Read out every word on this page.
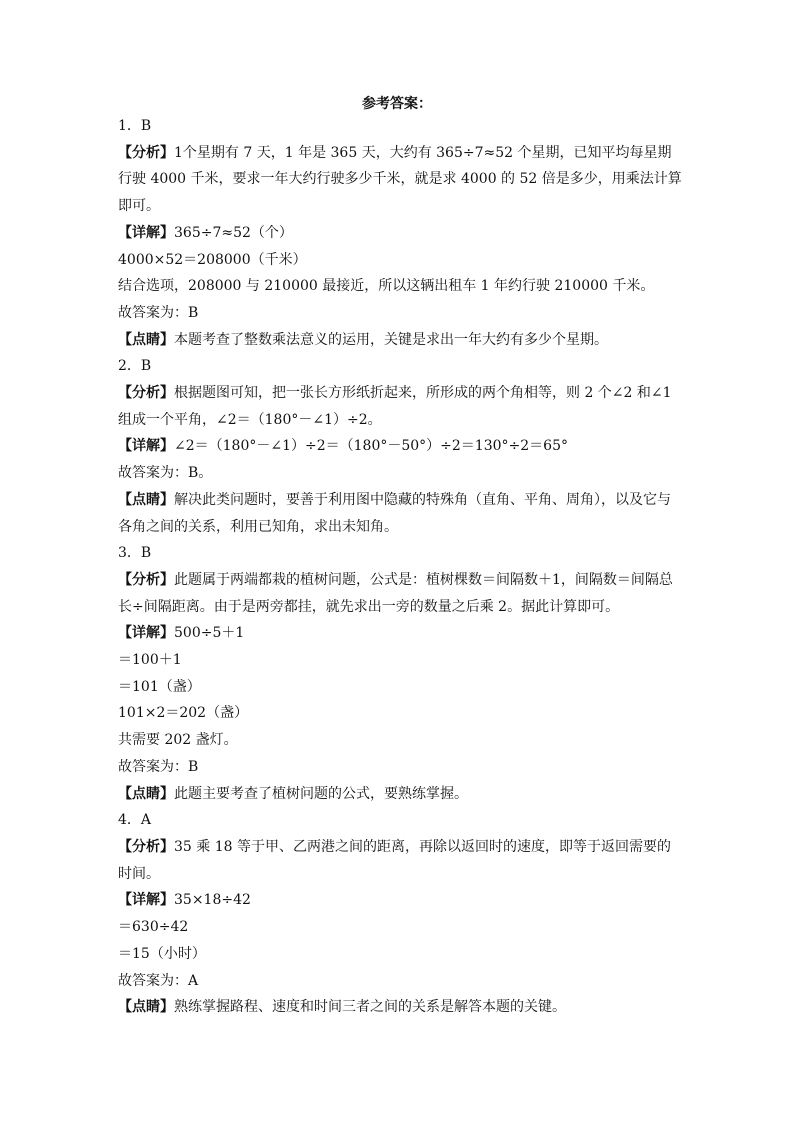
参考答案：
1．B
【分析】1个星期有 7 天，1 年是 365 天，大约有 365÷7≈52 个星期，已知平均每星期行驶 4000 千米，要求一年大约行驶多少千米，就是求 4000 的 52 倍是多少，用乘法计算即可。
【详解】365÷7≈52（个）
4000×52＝208000（千米）
结合选项，208000 与 210000 最接近，所以这辆出租车 1 年约行驶 210000 千米。
故答案为：B
【点睛】本题考查了整数乘法意义的运用，关键是求出一年大约有多少个星期。
2．B
【分析】根据题图可知，把一张长方形纸折起来，所形成的两个角相等，则 2 个∠2 和∠1 组成一个平角，∠2＝（180°－∠1）÷2。
【详解】∠2＝（180°－∠1）÷2＝（180°－50°）÷2＝130°÷2＝65°
故答案为：B。
【点睛】解决此类问题时，要善于利用图中隐藏的特殊角（直角、平角、周角），以及它与各角之间的关系，利用已知角，求出未知角。
3．B
【分析】此题属于两端都栽的植树问题，公式是：植树棵数＝间隔数＋1，间隔数＝间隔总长÷间隔距离。由于是两旁都挂，就先求出一旁的数量之后乘 2。据此计算即可。
【详解】500÷5＋1
＝100＋1
＝101（盏）
101×2＝202（盏）
共需要 202 盏灯。
故答案为：B
【点睛】此题主要考查了植树问题的公式，要熟练掌握。
4．A
【分析】35 乘 18 等于甲、乙两港之间的距离，再除以返回时的速度，即等于返回需要的时间。
【详解】35×18÷42
＝630÷42
＝15（小时）
故答案为：A
【点睛】熟练掌握路程、速度和时间三者之间的关系是解答本题的关键。
